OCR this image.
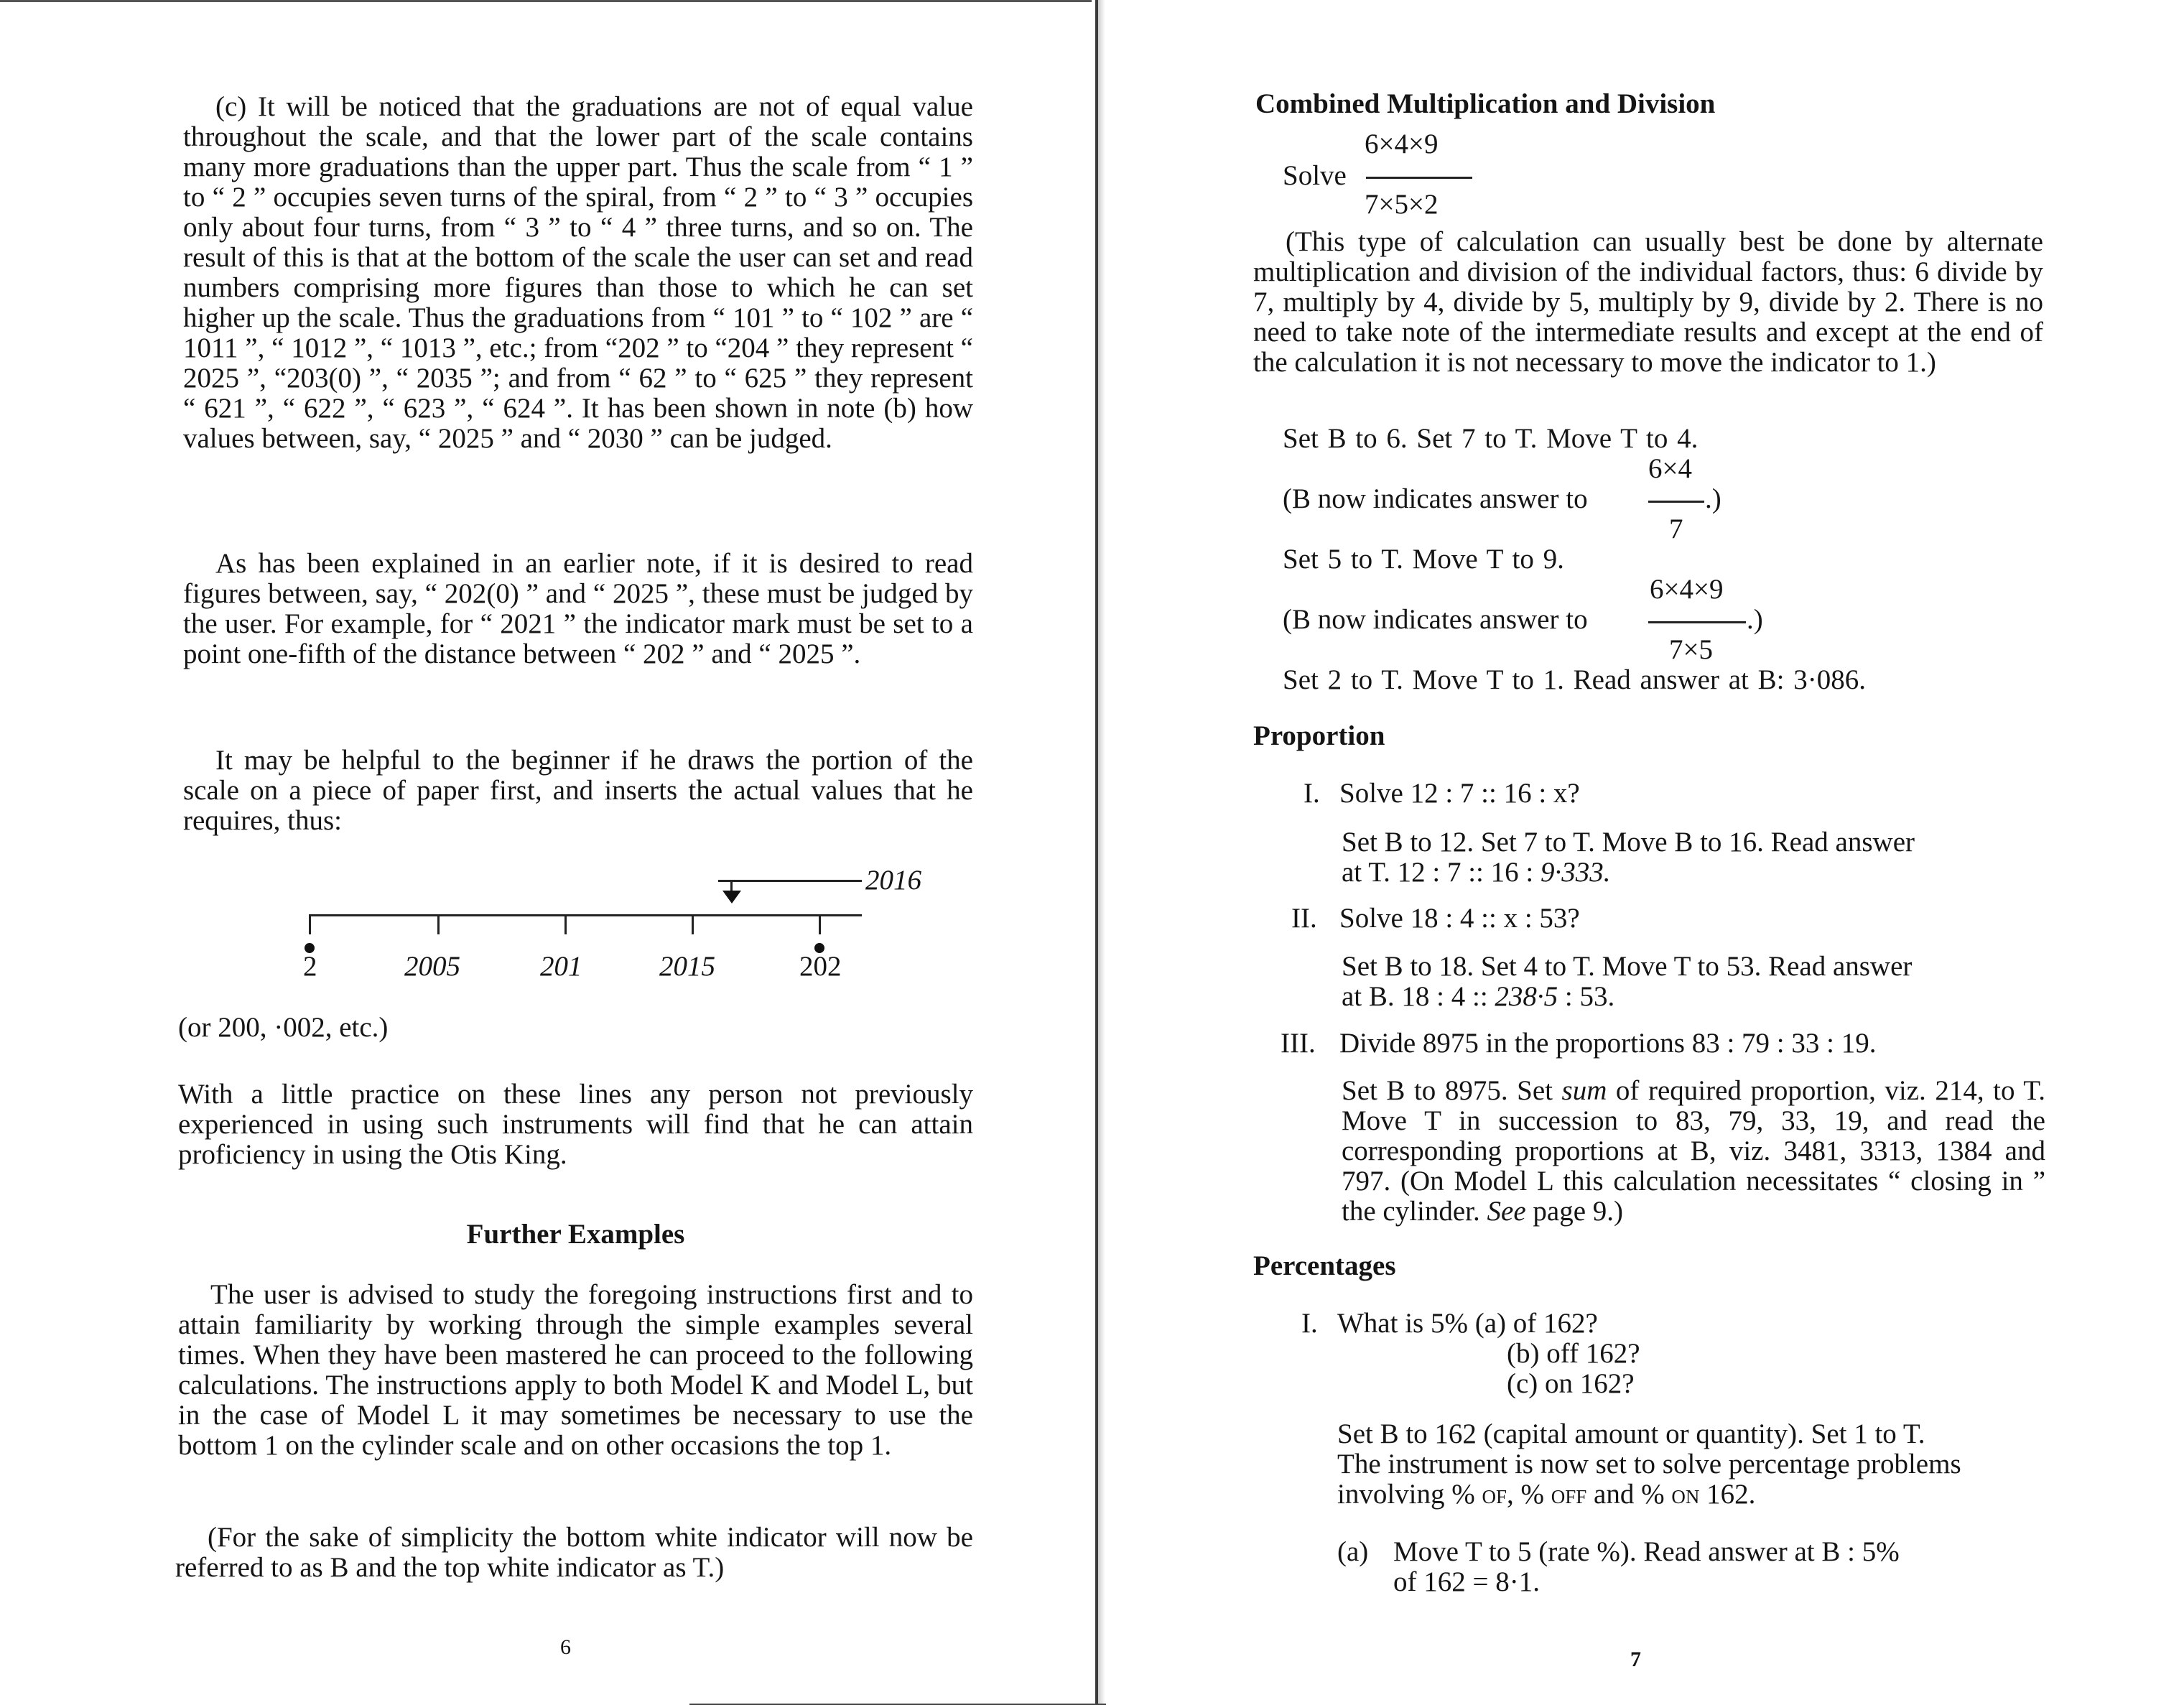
(c) It will be noticed that the graduations are not of equal value throughout the scale, and that the lower part of the scale contains many more graduations than the upper part. Thus the scale from “ 1 ” to “ 2 ” occupies seven turns of the spiral, from “ 2 ” to “ 3 ” occupies only about four turns, from “ 3 ” to “ 4 ” three turns, and so on. The result of this is that at the bottom of the scale the user can set and read numbers comprising more figures than those to which he can set higher up the scale. Thus the graduations from “ 101 ” to “ 102 ” are “ 1011 ”, “ 1012 ”, “ 1013 ”, etc.; from “202 ” to “204 ” they represent “ 2025 ”, “203(0) ”, “ 2035 ”; and from “ 62 ” to “ 625 ” they represent “ 621 ”, “ 622 ”, “ 623 ”, “ 624 ”. It has been shown in note (b) how values between, say, “ 2025 ” and “ 2030 ” can be judged.
As has been explained in an earlier note, if it is desired to read figures between, say, “ 202(0) ” and “ 2025 ”, these must be judged by the user. For example, for “ 2021 ” the indicator mark must be set to a point one-fifth of the distance between “ 202 ” and “ 2025 ”.
It may be helpful to the beginner if he draws the portion of the scale on a piece of paper first, and inserts the actual values that he requires, thus:
2016
2	2005	201	2015	202
(or 200, ·002, etc.)
With a little practice on these lines any person not previously experienced in using such instruments will find that he can attain proficiency in using the Otis King.
Further Examples
The user is advised to study the foregoing instructions first and to attain familiarity by working through the simple examples several times. When they have been mastered he can proceed to the following calculations. The instructions apply to both Model K and Model L, but in the case of Model L it may sometimes be necessary to use the bottom 1 on the cylinder scale and on other occasions the top 1.
(For the sake of simplicity the bottom white indicator will now be referred to as B and the top white indicator as T.)
6
Combined Multiplication and Division
Solve
6×4×9
7×5×2
(This type of calculation can usually best be done by alternate multiplication and division of the individual factors, thus: 6 divide by 7, multiply by 4, divide by 5, multiply by 9, divide by 2. There is no need to take note of the intermediate results and except at the end of the calculation it is not necessary to move the indicator to 1.)
Set B to 6. Set 7 to T. Move T to 4.
(B now indicates answer to
6×4
.)
7
Set 5 to T. Move T to 9.
(B now indicates answer to
6×4×9
.)
7×5
Set 2 to T. Move T to 1. Read answer at B: 3·086.
Proportion
I. Solve 12 : 7 :: 16 : x?
Set B to 12. Set 7 to T. Move B to 16. Read answer
at T. 12 : 7 :: 16 : 9·333.
II. Solve 18 : 4 :: x : 53?
Set B to 18. Set 4 to T. Move T to 53. Read answer
at B. 18 : 4 :: 238·5 : 53.
III. Divide 8975 in the proportions 83 : 79 : 33 : 19.
Set B to 8975. Set sum of required proportion, viz. 214, to T. Move T in succession to 83, 79, 33, 19, and read the corresponding proportions at B, viz. 3481, 3313, 1384 and 797. (On Model L this calculation necessitates “ closing in ” the cylinder. See page 9.)
Percentages
I. What is 5% (a) of 162?
(b) off 162?
(c) on 162?
Set B to 162 (capital amount or quantity). Set 1 to T.
The instrument is now set to solve percentage problems
involving % of, % off and % on 162.
(a) Move T to 5 (rate %). Read answer at B : 5%
of 162 = 8·1.
7
